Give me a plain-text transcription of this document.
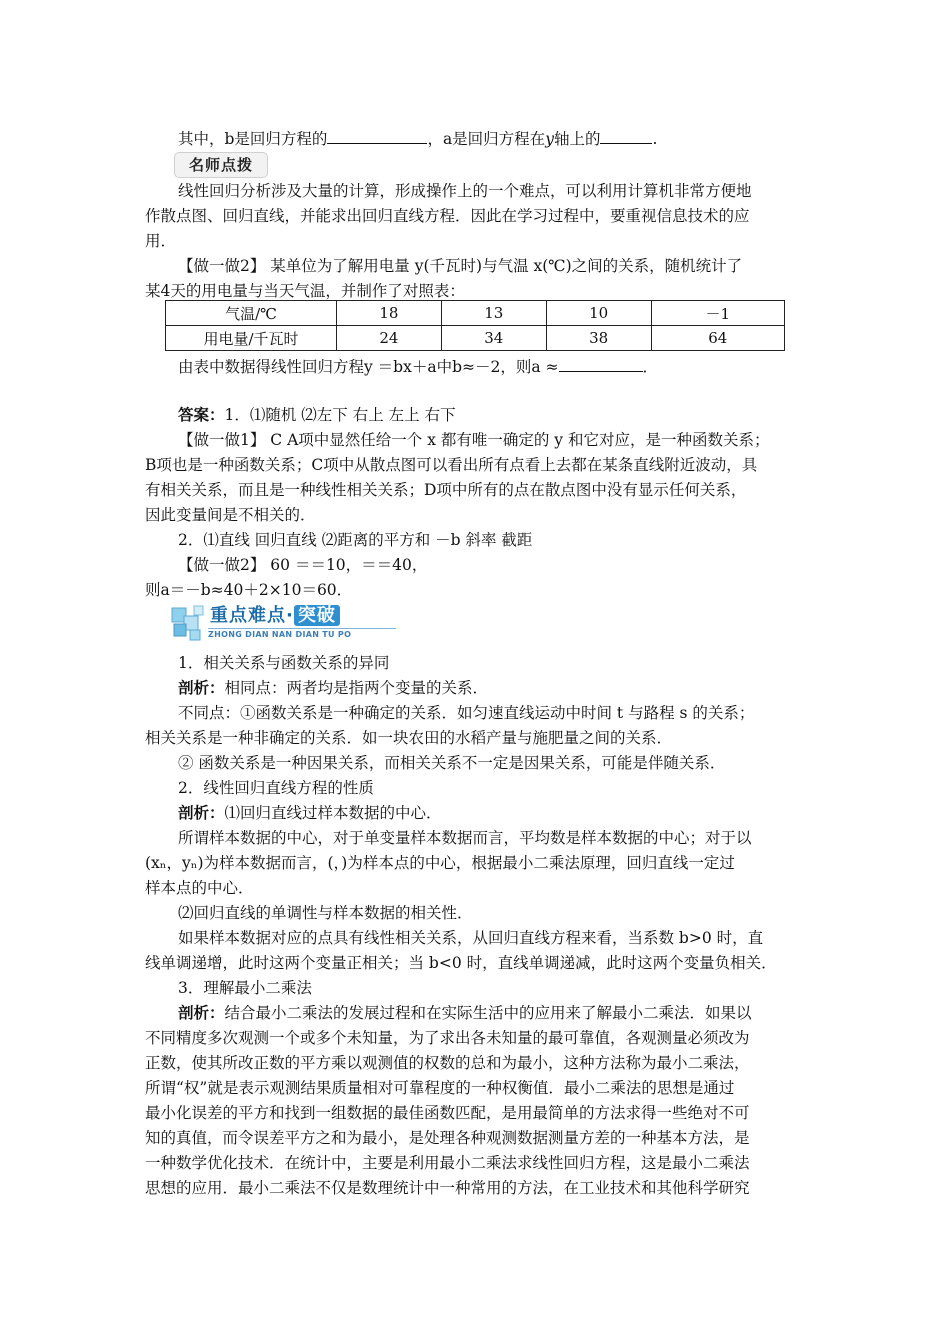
其中，b是回归方程的	，a是回归方程在y轴上的	.
名师点拨
线性回归分析涉及大量的计算，形成操作上的一个难点，可以利用计算机非常方便地
作散点图、回归直线，并能求出回归直线方程．因此在学习过程中，要重视信息技术的应
用．
【做一做2】 某单位为了解用电量 y(千瓦时)与气温 x(℃)之间的关系，随机统计了
某4天的用电量与当天气温，并制作了对照表：
气温/℃	18	13	10	－1
用电量/千瓦时	24	34	38	64
由表中数据得线性回归方程y ＝bx＋a中b≈－2，则a ≈	．
答案：1．⑴随机 ⑵左下 右上 左上 右下
【做一做1】 C A项中显然任给一个 x 都有唯一确定的 y 和它对应，是一种函数关系；
B项也是一种函数关系；C项中从散点图可以看出所有点看上去都在某条直线附近波动，具
有相关关系，而且是一种线性相关关系；D项中所有的点在散点图中没有显示任何关系，
因此变量间是不相关的．
2．⑴直线 回归直线 ⑵距离的平方和 －b 斜率 截距
【做一做2】 60 ＝＝10，＝＝40，
则a＝－b≈40＋2×10＝60．
重点难点· 突破
ZHONG DIAN NAN DIAN TU PO
1．相关关系与函数关系的异同
剖析：相同点：两者均是指两个变量的关系．
不同点：①函数关系是一种确定的关系．如匀速直线运动中时间 t 与路程 s 的关系；
相关关系是一种非确定的关系．如一块农田的水稻产量与施肥量之间的关系．
② 函数关系是一种因果关系，而相关关系不一定是因果关系，可能是伴随关系．
2．线性回归直线方程的性质
剖析：⑴回归直线过样本数据的中心．
所谓样本数据的中心，对于单变量样本数据而言，平均数是样本数据的中心；对于以
(xₙ，yₙ)为样本数据而言，(，)为样本点的中心，根据最小二乘法原理，回归直线一定过
样本点的中心．
⑵回归直线的单调性与样本数据的相关性．
如果样本数据对应的点具有线性相关关系，从回归直线方程来看，当系数 b>0 时，直
线单调递增，此时这两个变量正相关；当 b<0 时，直线单调递减，此时这两个变量负相关．
3．理解最小二乘法
剖析：结合最小二乘法的发展过程和在实际生活中的应用来了解最小二乘法．如果以
不同精度多次观测一个或多个未知量，为了求出各未知量的最可靠值，各观测量必须改为
正数，使其所改正数的平方乘以观测值的权数的总和为最小，这种方法称为最小二乘法，
所谓“权”就是表示观测结果质量相对可靠程度的一种权衡值．最小二乘法的思想是通过
最小化误差的平方和找到一组数据的最佳函数匹配，是用最简单的方法求得一些绝对不可
知的真值，而令误差平方之和为最小，是处理各种观测数据测量方差的一种基本方法，是
一种数学优化技术．在统计中，主要是利用最小二乘法求线性回归方程，这是最小二乘法
思想的应用．最小二乘法不仅是数理统计中一种常用的方法，在工业技术和其他科学研究
